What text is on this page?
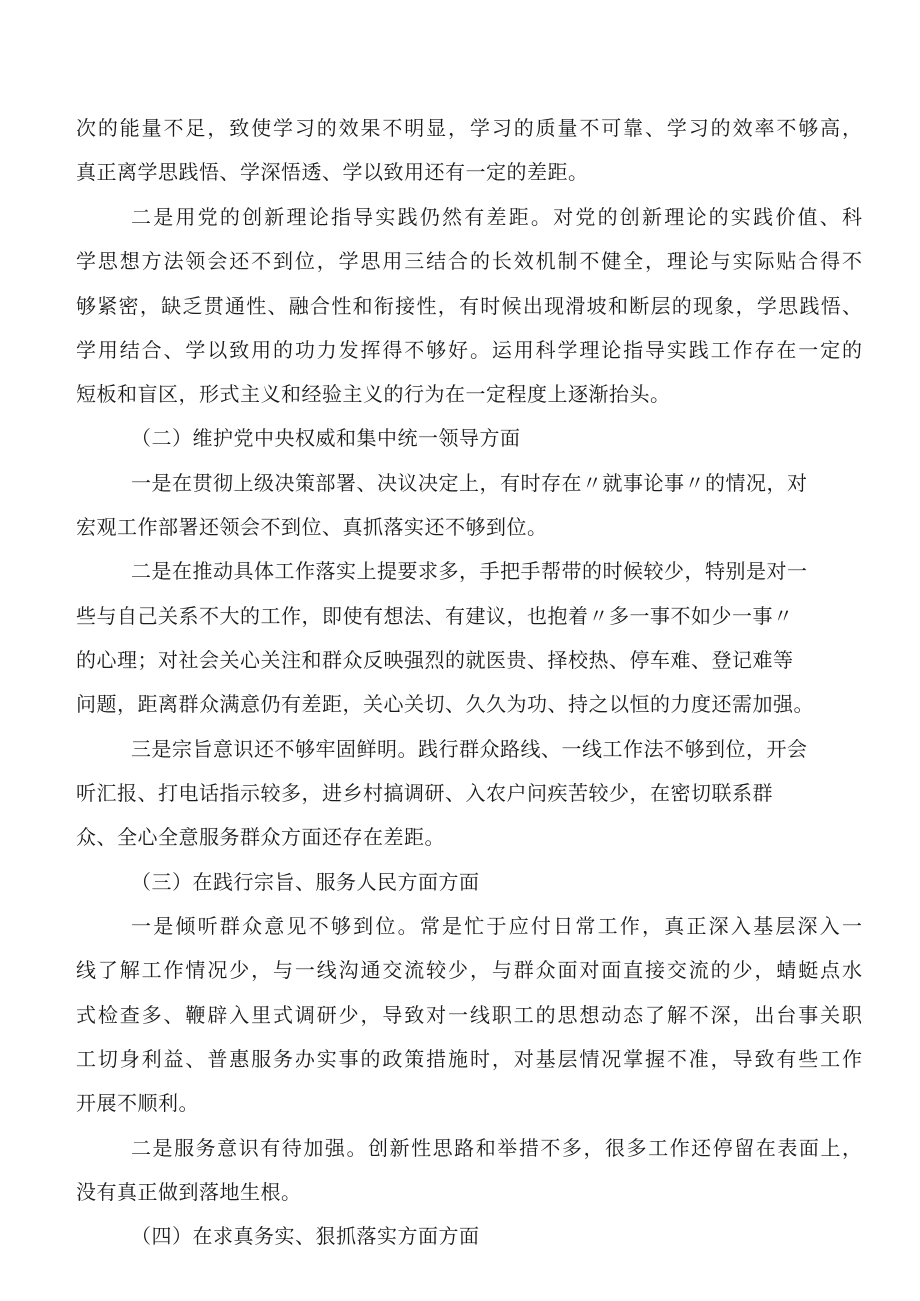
次的能量不足，致使学习的效果不明显，学习的质量不可靠、学习的效率不够高，
真正离学思践悟、学深悟透、学以致用还有一定的差距。
二是用党的创新理论指导实践仍然有差距。对党的创新理论的实践价值、科
学思想方法领会还不到位，学思用三结合的长效机制不健全，理论与实际贴合得不
够紧密，缺乏贯通性、融合性和衔接性，有时候出现滑坡和断层的现象，学思践悟、
学用结合、学以致用的功力发挥得不够好。运用科学理论指导实践工作存在一定的
短板和盲区，形式主义和经验主义的行为在一定程度上逐渐抬头。
（二）维护党中央权威和集中统一领导方面
一是在贯彻上级决策部署、决议决定上，有时存在〃就事论事〃的情况，对
宏观工作部署还领会不到位、真抓落实还不够到位。
二是在推动具体工作落实上提要求多，手把手帮带的时候较少，特别是对一
些与自己关系不大的工作，即使有想法、有建议，也抱着〃多一事不如少一事〃
的心理；对社会关心关注和群众反映强烈的就医贵、择校热、停车难、登记难等
问题，距离群众满意仍有差距，关心关切、久久为功、持之以恒的力度还需加强。
三是宗旨意识还不够牢固鲜明。践行群众路线、一线工作法不够到位，开会
听汇报、打电话指示较多，进乡村搞调研、入农户问疾苦较少，在密切联系群
众、全心全意服务群众方面还存在差距。
（三）在践行宗旨、服务人民方面方面
一是倾听群众意见不够到位。常是忙于应付日常工作，真正深入基层深入一
线了解工作情况少，与一线沟通交流较少，与群众面对面直接交流的少，蜻蜓点水
式检查多、鞭辟入里式调研少，导致对一线职工的思想动态了解不深，出台事关职
工切身利益、普惠服务办实事的政策措施时，对基层情况掌握不准，导致有些工作
开展不顺利。
二是服务意识有待加强。创新性思路和举措不多，很多工作还停留在表面上，
没有真正做到落地生根。
（四）在求真务实、狠抓落实方面方面
